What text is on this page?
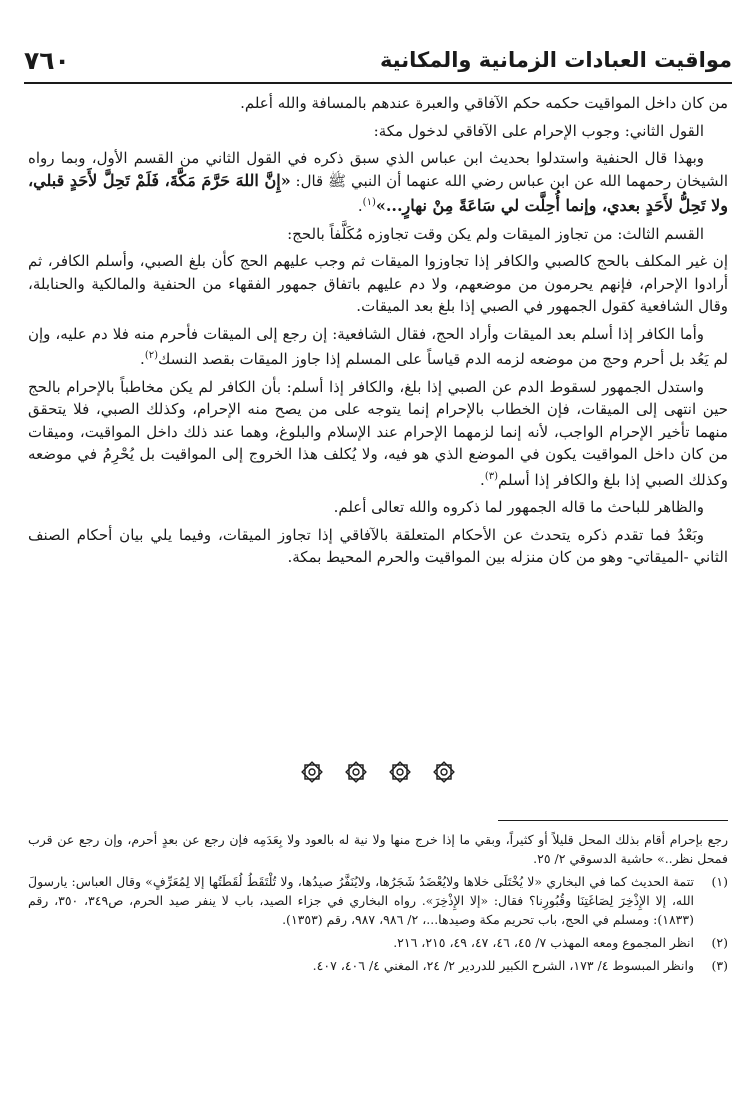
مواقيت العبادات الزمانية والمكانية
٧٦٠

من كان داخل المواقيت حكمه حكم الآفاقي والعبرة عندهم بالمسافة والله أعلم.

القول الثاني: وجوب الإحرام على الآفاقي لدخول مكة:

وبهذا قال الحنفية واستدلوا بحديث ابن عباس الذي سبق ذكره في القول الثاني من القسم الأول، وبما رواه الشيخان رحمهما الله عن ابن عباس رضي الله عنهما أن النبي ﷺ قال: «إِنَّ اللهَ حَرَّمَ مَكَّةَ، فَلَمْ تَحِلَّ لأَحَدٍ قبلي، ولا تَحِلُّ لأَحَدٍ بعدي، وإنما أُحِلَّت لي سَاعَةً مِنْ نهارٍ...»$^{(١)}$.

القسم الثالث: من تجاوز الميقات ولم يكن وقت تجاوزه مُكَلَّفاً بالحج:

إن غير المكلف بالحج كالصبي والكافر إذا تجاوزوا الميقات ثم وجب عليهم الحج كأن بلغ الصبي، وأسلم الكافر، ثم أرادوا الإحرام، فإنهم يحرمون من موضعهم، ولا دم عليهم باتفاق جمهور الفقهاء من الحنفية والمالكية والحنابلة، وقال الشافعية كقول الجمهور في الصبي إذا بلغ بعد الميقات.

وأما الكافر إذا أسلم بعد الميقات وأراد الحج، فقال الشافعية: إن رجع إلى الميقات فأحرم منه فلا دم عليه، وإن لم يَعُد بل أحرم وحج من موضعه لزمه الدم قياساً على المسلم إذا جاوز الميقات بقصد النسك$^{(٢)}$.

واستدل الجمهور لسقوط الدم عن الصبي إذا بلغ، والكافر إذا أسلم: بأن الكافر لم يكن مخاطباً بالإحرام بالحج حين انتهى إلى الميقات، فإن الخطاب بالإحرام إنما يتوجه على من يصح منه الإحرام، وكذلك الصبي، فلا يتحقق منهما تأخير الإحرام الواجب، لأنه إنما لزمهما الإحرام عند الإسلام والبلوغ، وهما عند ذلك داخل المواقيت، وميقات من كان داخل المواقيت يكون في الموضع الذي هو فيه، ولا يُكلف هذا الخروج إلى المواقيت بل يُحْرِمُ في موضعه وكذلك الصبي إذا بلغ والكافر إذا أسلم$^{(٣)}$.

والظاهر للباحث ما قاله الجمهور لما ذكروه والله تعالى أعلم.

وبَعْدُ فما تقدم ذكره يتحدث عن الأحكام المتعلقة بالآفاقي إذا تجاوز الميقات، وفيما يلي بيان أحكام الصنف الثاني -الميقاتي- وهو من كان منزله بين المواقيت والحرم المحيط بمكة.

رجع بإحرام أقام بذلك المحل قليلاً أو كثيراً، وبقي ما إذا خرج منها ولا نية له بالعود ولا بِعَدَمِه فإن رجع عن بعدٍ أحرم، وإن رجع عن قرب فمحل نظر..» حاشية الدسوقي ٢/ ٢٥.

(١)
تتمة الحديث كما في البخاري «لا يُخْتَلَى خلاها ولايُعْضَدُ شَجَرُها، ولايُنَفَّرُ صيدُها، ولا تُلْتَقَطُ لُقَطَتُها إلا لِمُعَرِّفٍ» وقال العباس: يارسولَ الله، إلا الإِذْخِرَ لِصَاغَتِنَا وقُبُورِنا؟ فقال: «إلا الإِذْخِرَ». رواه البخاري في جزاء الصيد، باب لا ينفر صيد الحرم، ص٣٤٩، ٣٥٠، رقم (١٨٣٣): ومسلم في الحج، باب تحريم مكة وصيدها...، ٢/ ٩٨٦، ٩٨٧، رقم (١٣٥٣).
(٢)
انظر المجموع ومعه المهذب ٧/ ٤٥، ٤٦، ٤٧، ٤٩، ٢١٥، ٢١٦.
(٣)
وانظر المبسوط ٤/ ١٧٣، الشرح الكبير للدردير ٢/ ٢٤، المغني ٤/ ٤٠٦، ٤٠٧.
